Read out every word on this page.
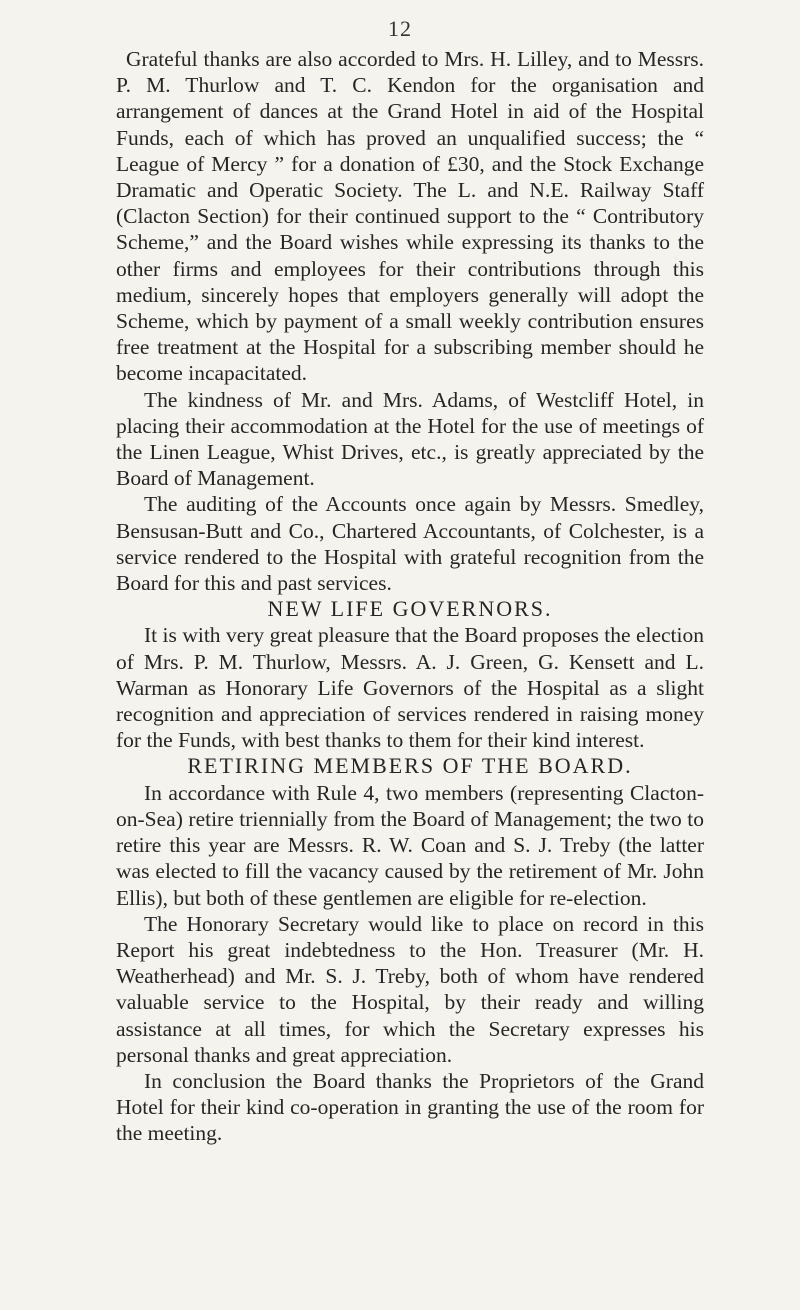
12

Grateful thanks are also accorded to Mrs. H. Lilley, and to Messrs. P. M. Thurlow and T. C. Kendon for the organisation and arrangement of dances at the Grand Hotel in aid of the Hospital Funds, each of which has proved an unqualified success; the “ League of Mercy ” for a donation of £30, and the Stock Exchange Dramatic and Operatic Society. The L. and N.E. Railway Staff (Clacton Section) for their continued support to the “ Contributory Scheme,” and the Board wishes while expressing its thanks to the other firms and employees for their contributions through this medium, sincerely hopes that employers generally will adopt the Scheme, which by payment of a small weekly contribution ensures free treatment at the Hospital for a subscribing member should he become incapacitated.

The kindness of Mr. and Mrs. Adams, of Westcliff Hotel, in placing their accommodation at the Hotel for the use of meetings of the Linen League, Whist Drives, etc., is greatly appreciated by the Board of Management.

The auditing of the Accounts once again by Messrs. Smedley, Bensusan-Butt and Co., Chartered Accountants, of Colchester, is a service rendered to the Hospital with grateful recognition from the Board for this and past services.

NEW LIFE GOVERNORS.

It is with very great pleasure that the Board proposes the election of Mrs. P. M. Thurlow, Messrs. A. J. Green, G. Kensett and L. Warman as Honorary Life Governors of the Hospital as a slight recognition and appreciation of services rendered in raising money for the Funds, with best thanks to them for their kind interest.

RETIRING MEMBERS OF THE BOARD.

In accordance with Rule 4, two members (representing Clacton-on-Sea) retire triennially from the Board of Management; the two to retire this year are Messrs. R. W. Coan and S. J. Treby (the latter was elected to fill the vacancy caused by the retirement of Mr. John Ellis), but both of these gentlemen are eligible for re-election.

The Honorary Secretary would like to place on record in this Report his great indebtedness to the Hon. Treasurer (Mr. H. Weatherhead) and Mr. S. J. Treby, both of whom have rendered valuable service to the Hospital, by their ready and willing assistance at all times, for which the Secretary expresses his personal thanks and great appreciation.

In conclusion the Board thanks the Proprietors of the Grand Hotel for their kind co-operation in granting the use of the room for the meeting.
